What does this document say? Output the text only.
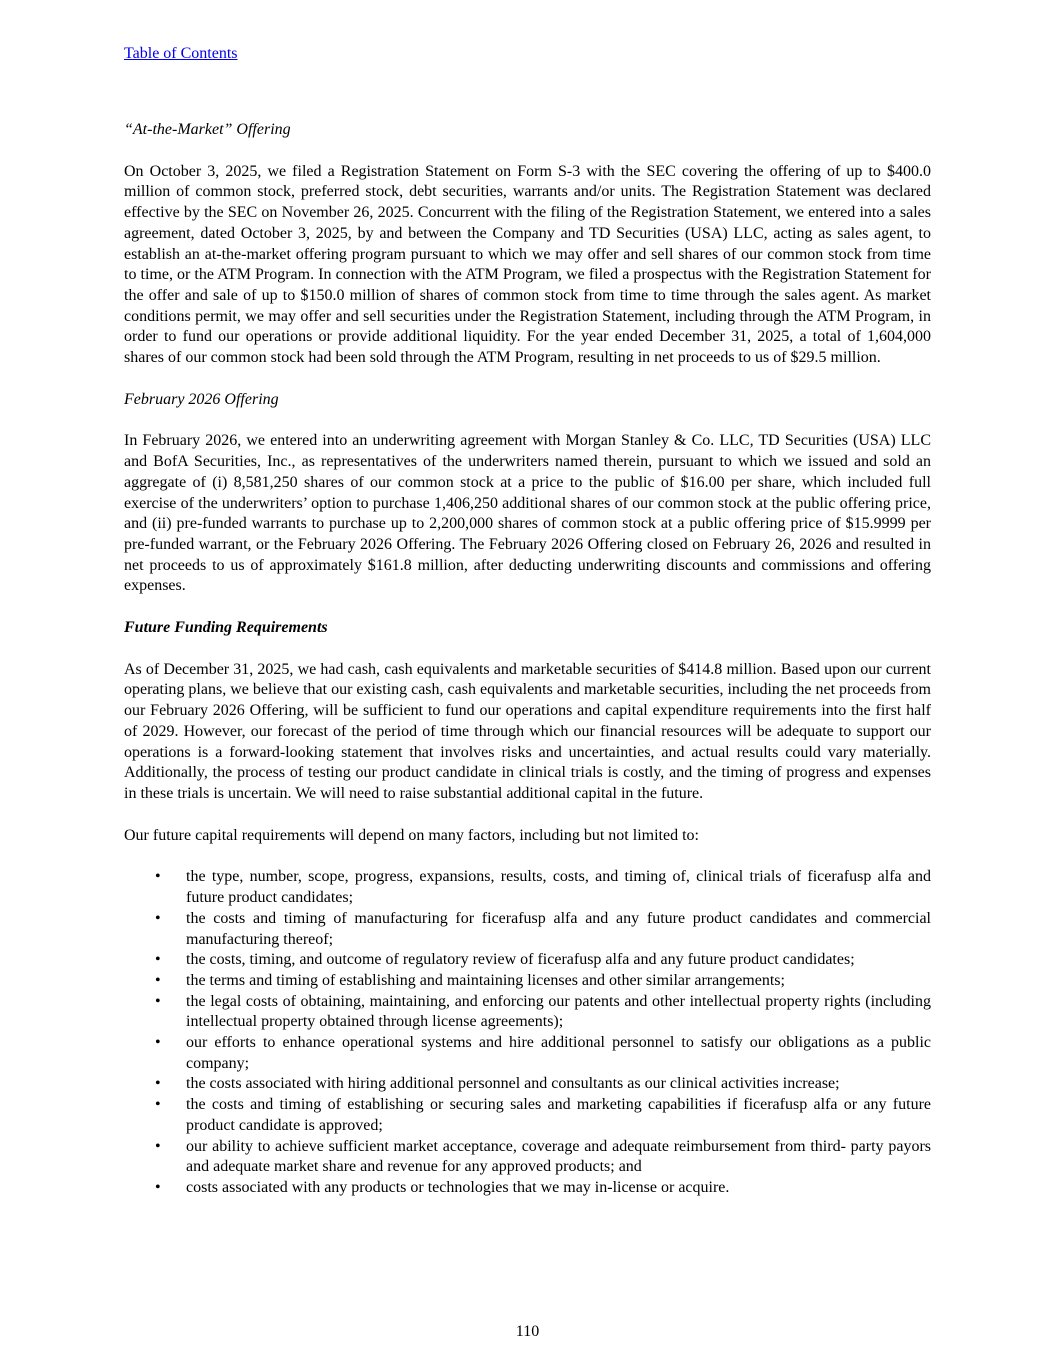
Table of Contents

“At-the-Market” Offering

On October 3, 2025, we filed a Registration Statement on Form S-3 with the SEC covering the offering of up to $400.0 million of common stock, preferred stock, debt securities, warrants and/or units. The Registration Statement was declared effective by the SEC on November 26, 2025. Concurrent with the filing of the Registration Statement, we entered into a sales agreement, dated October 3, 2025, by and between the Company and TD Securities (USA) LLC, acting as sales agent, to establish an at-the-market offering program pursuant to which we may offer and sell shares of our common stock from time to time, or the ATM Program. In connection with the ATM Program, we filed a prospectus with the Registration Statement for the offer and sale of up to $150.0 million of shares of common stock from time to time through the sales agent. As market conditions permit, we may offer and sell securities under the Registration Statement, including through the ATM Program, in order to fund our operations or provide additional liquidity. For the year ended December 31, 2025, a total of 1,604,000 shares of our common stock had been sold through the ATM Program, resulting in net proceeds to us of $29.5 million.

February 2026 Offering

In February 2026, we entered into an underwriting agreement with Morgan Stanley & Co. LLC, TD Securities (USA) LLC and BofA Securities, Inc., as representatives of the underwriters named therein, pursuant to which we issued and sold an aggregate of (i) 8,581,250 shares of our common stock at a price to the public of $16.00 per share, which included full exercise of the underwriters’ option to purchase 1,406,250 additional shares of our common stock at the public offering price, and (ii) pre-funded warrants to purchase up to 2,200,000 shares of common stock at a public offering price of $15.9999 per pre-funded warrant, or the February 2026 Offering. The February 2026 Offering closed on February 26, 2026 and resulted in net proceeds to us of approximately $161.8 million, after deducting underwriting discounts and commissions and offering expenses.

Future Funding Requirements

As of December 31, 2025, we had cash, cash equivalents and marketable securities of $414.8 million. Based upon our current operating plans, we believe that our existing cash, cash equivalents and marketable securities, including the net proceeds from our February 2026 Offering, will be sufficient to fund our operations and capital expenditure requirements into the first half of 2029. However, our forecast of the period of time through which our financial resources will be adequate to support our operations is a forward-looking statement that involves risks and uncertainties, and actual results could vary materially. Additionally, the process of testing our product candidate in clinical trials is costly, and the timing of progress and expenses in these trials is uncertain. We will need to raise substantial additional capital in the future.

Our future capital requirements will depend on many factors, including but not limited to:

• the type, number, scope, progress, expansions, results, costs, and timing of, clinical trials of ficerafusp alfa and future product candidates;
• the costs and timing of manufacturing for ficerafusp alfa and any future product candidates and commercial manufacturing thereof;
• the costs, timing, and outcome of regulatory review of ficerafusp alfa and any future product candidates;
• the terms and timing of establishing and maintaining licenses and other similar arrangements;
• the legal costs of obtaining, maintaining, and enforcing our patents and other intellectual property rights (including intellectual property obtained through license agreements);
• our efforts to enhance operational systems and hire additional personnel to satisfy our obligations as a public company;
• the costs associated with hiring additional personnel and consultants as our clinical activities increase;
• the costs and timing of establishing or securing sales and marketing capabilities if ficerafusp alfa or any future product candidate is approved;
• our ability to achieve sufficient market acceptance, coverage and adequate reimbursement from third- party payors and adequate market share and revenue for any approved products; and
• costs associated with any products or technologies that we may in-license or acquire.
110
